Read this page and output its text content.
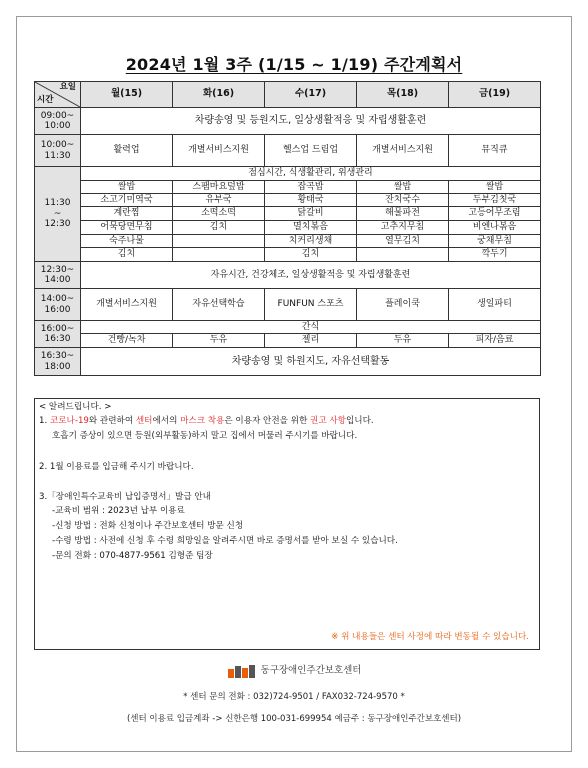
2024년 1월 3주 (1/15 ~ 1/19) 주간계획서
요일
시간	월(15)	화(16)	수(17)	목(18)	금(19)
09:00~
10:00	차량송영 및 등원지도, 일상생활적응 및 자립생활훈련				
10:00~
11:30	활력업	개별서비스지원	헬스업 드림업	개별서비스지원	뮤직큐
11:30
~
12:30	점심시간, 식생활관리, 위생관리				
	쌀밥	스팸마요덮밥	잡곡밥	쌀밥	쌀밥
	소고기미역국	유부국	황태국	잔치국수	두부김칫국
	계란찜	소떡소떡	닭갈비	해물파전	고등어무조림
	어묵당면무침	김치	멸치볶음	고추지무침	비엔나볶음
	숙주나물		치커리생채	열무김치	궁채무침
	김치		김치		깍두기
12:30~
14:00	자유시간, 건강체조, 일상생활적응 및 자립생활훈련				
14:00~
16:00	개별서비스지원	자유선택학습	FUNFUN 스포츠	플레이쿡	생일파티
16:00~
16:30	간식				
	건빵/녹차	두유	젤리	두유	피자/음료
16:30~
18:00	차량송영 및 하원지도, 자유선택활동				
< 알려드립니다. >
1. 코로나-19와 관련하여 센터에서의 마스크 착용은 이용자 안전을 위한 권고 사항입니다.
호흡기 증상이 있으면 등원(외부활동)하지 말고 집에서 머물러 주시기를 바랍니다.
2. 1월 이용료를 입금해 주시기 바랍니다.
3.「장애인특수교육비 납입증명서」발급 안내
-교육비 범위 : 2023년 납부 이용료
-신청 방법 : 전화 신청이나 주간보호센터 방문 신청
-수령 방법 : 사전에 신청 후 수령 희망일을 알려주시면 바로 증명서를 받아 보실 수 있습니다.
-문의 전화 : 070-4877-9561 김형준 팀장
※ 위 내용들은 센터 사정에 따라 변동될 수 있습니다.
동구장애인주간보호센터
* 센터 문의 전화 : 032)724-9501 / FAX032-724-9570 *
(센터 이용료 입금계좌 -> 신한은행 100-031-699954 예금주 : 동구장애인주간보호센터)
